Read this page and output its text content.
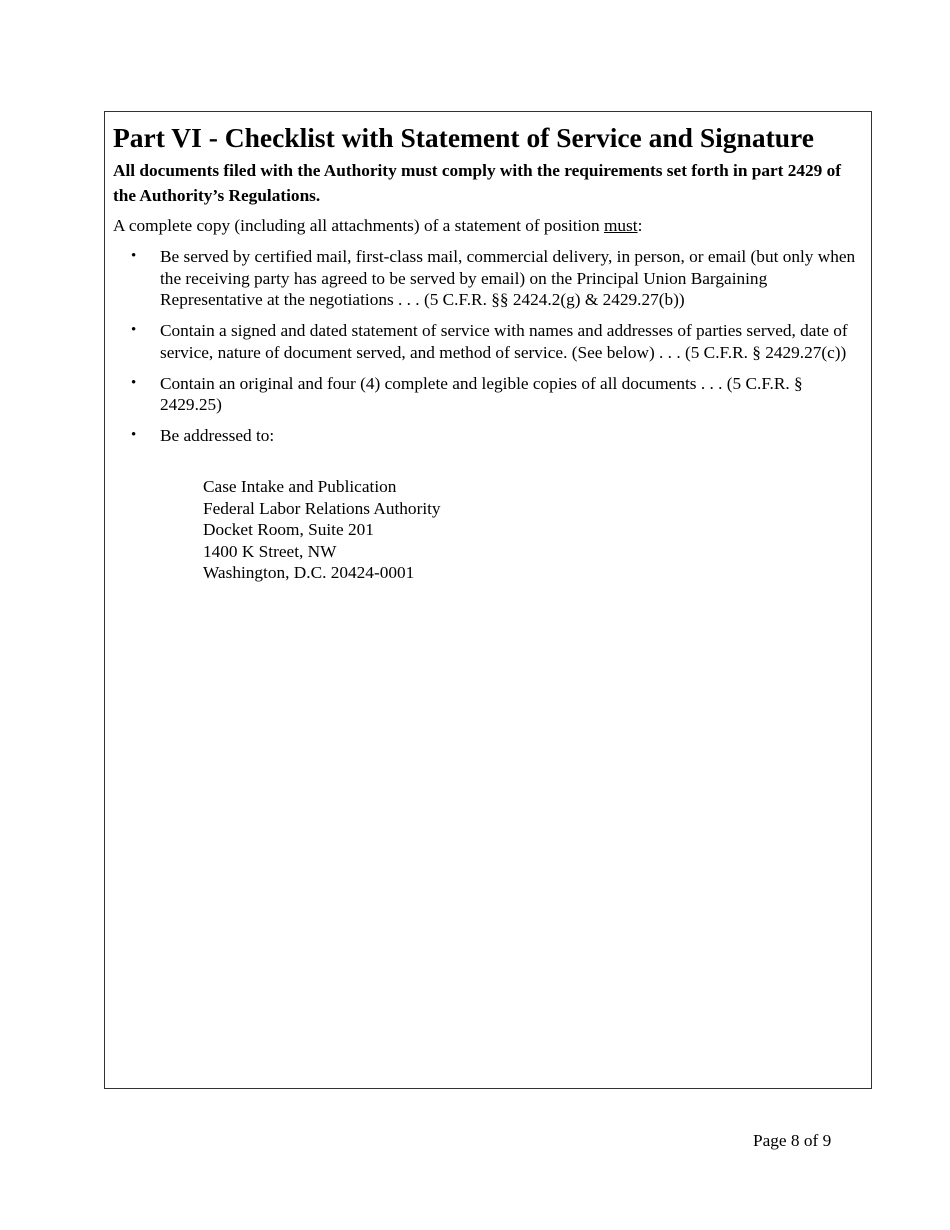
Part VI - Checklist with Statement of Service and Signature

All documents filed with the Authority must comply with the requirements set forth in part 2429 of the Authority’s Regulations.

A complete copy (including all attachments) of a statement of position must:

• Be served by certified mail, first-class mail, commercial delivery, in person, or email (but only when the receiving party has agreed to be served by email) on the Principal Union Bargaining Representative at the negotiations . . . (5 C.F.R. §§ 2424.2(g) & 2429.27(b))
• Contain a signed and dated statement of service with names and addresses of parties served, date of service, nature of document served, and method of service. (See below) . . . (5 C.F.R. § 2429.27(c))
• Contain an original and four (4) complete and legible copies of all documents . . . (5 C.F.R. § 2429.25)
• Be addressed to:
Case Intake and Publication
Federal Labor Relations Authority
Docket Room, Suite 201
1400 K Street, NW
Washington, D.C. 20424-0001
Page 8 of 9
